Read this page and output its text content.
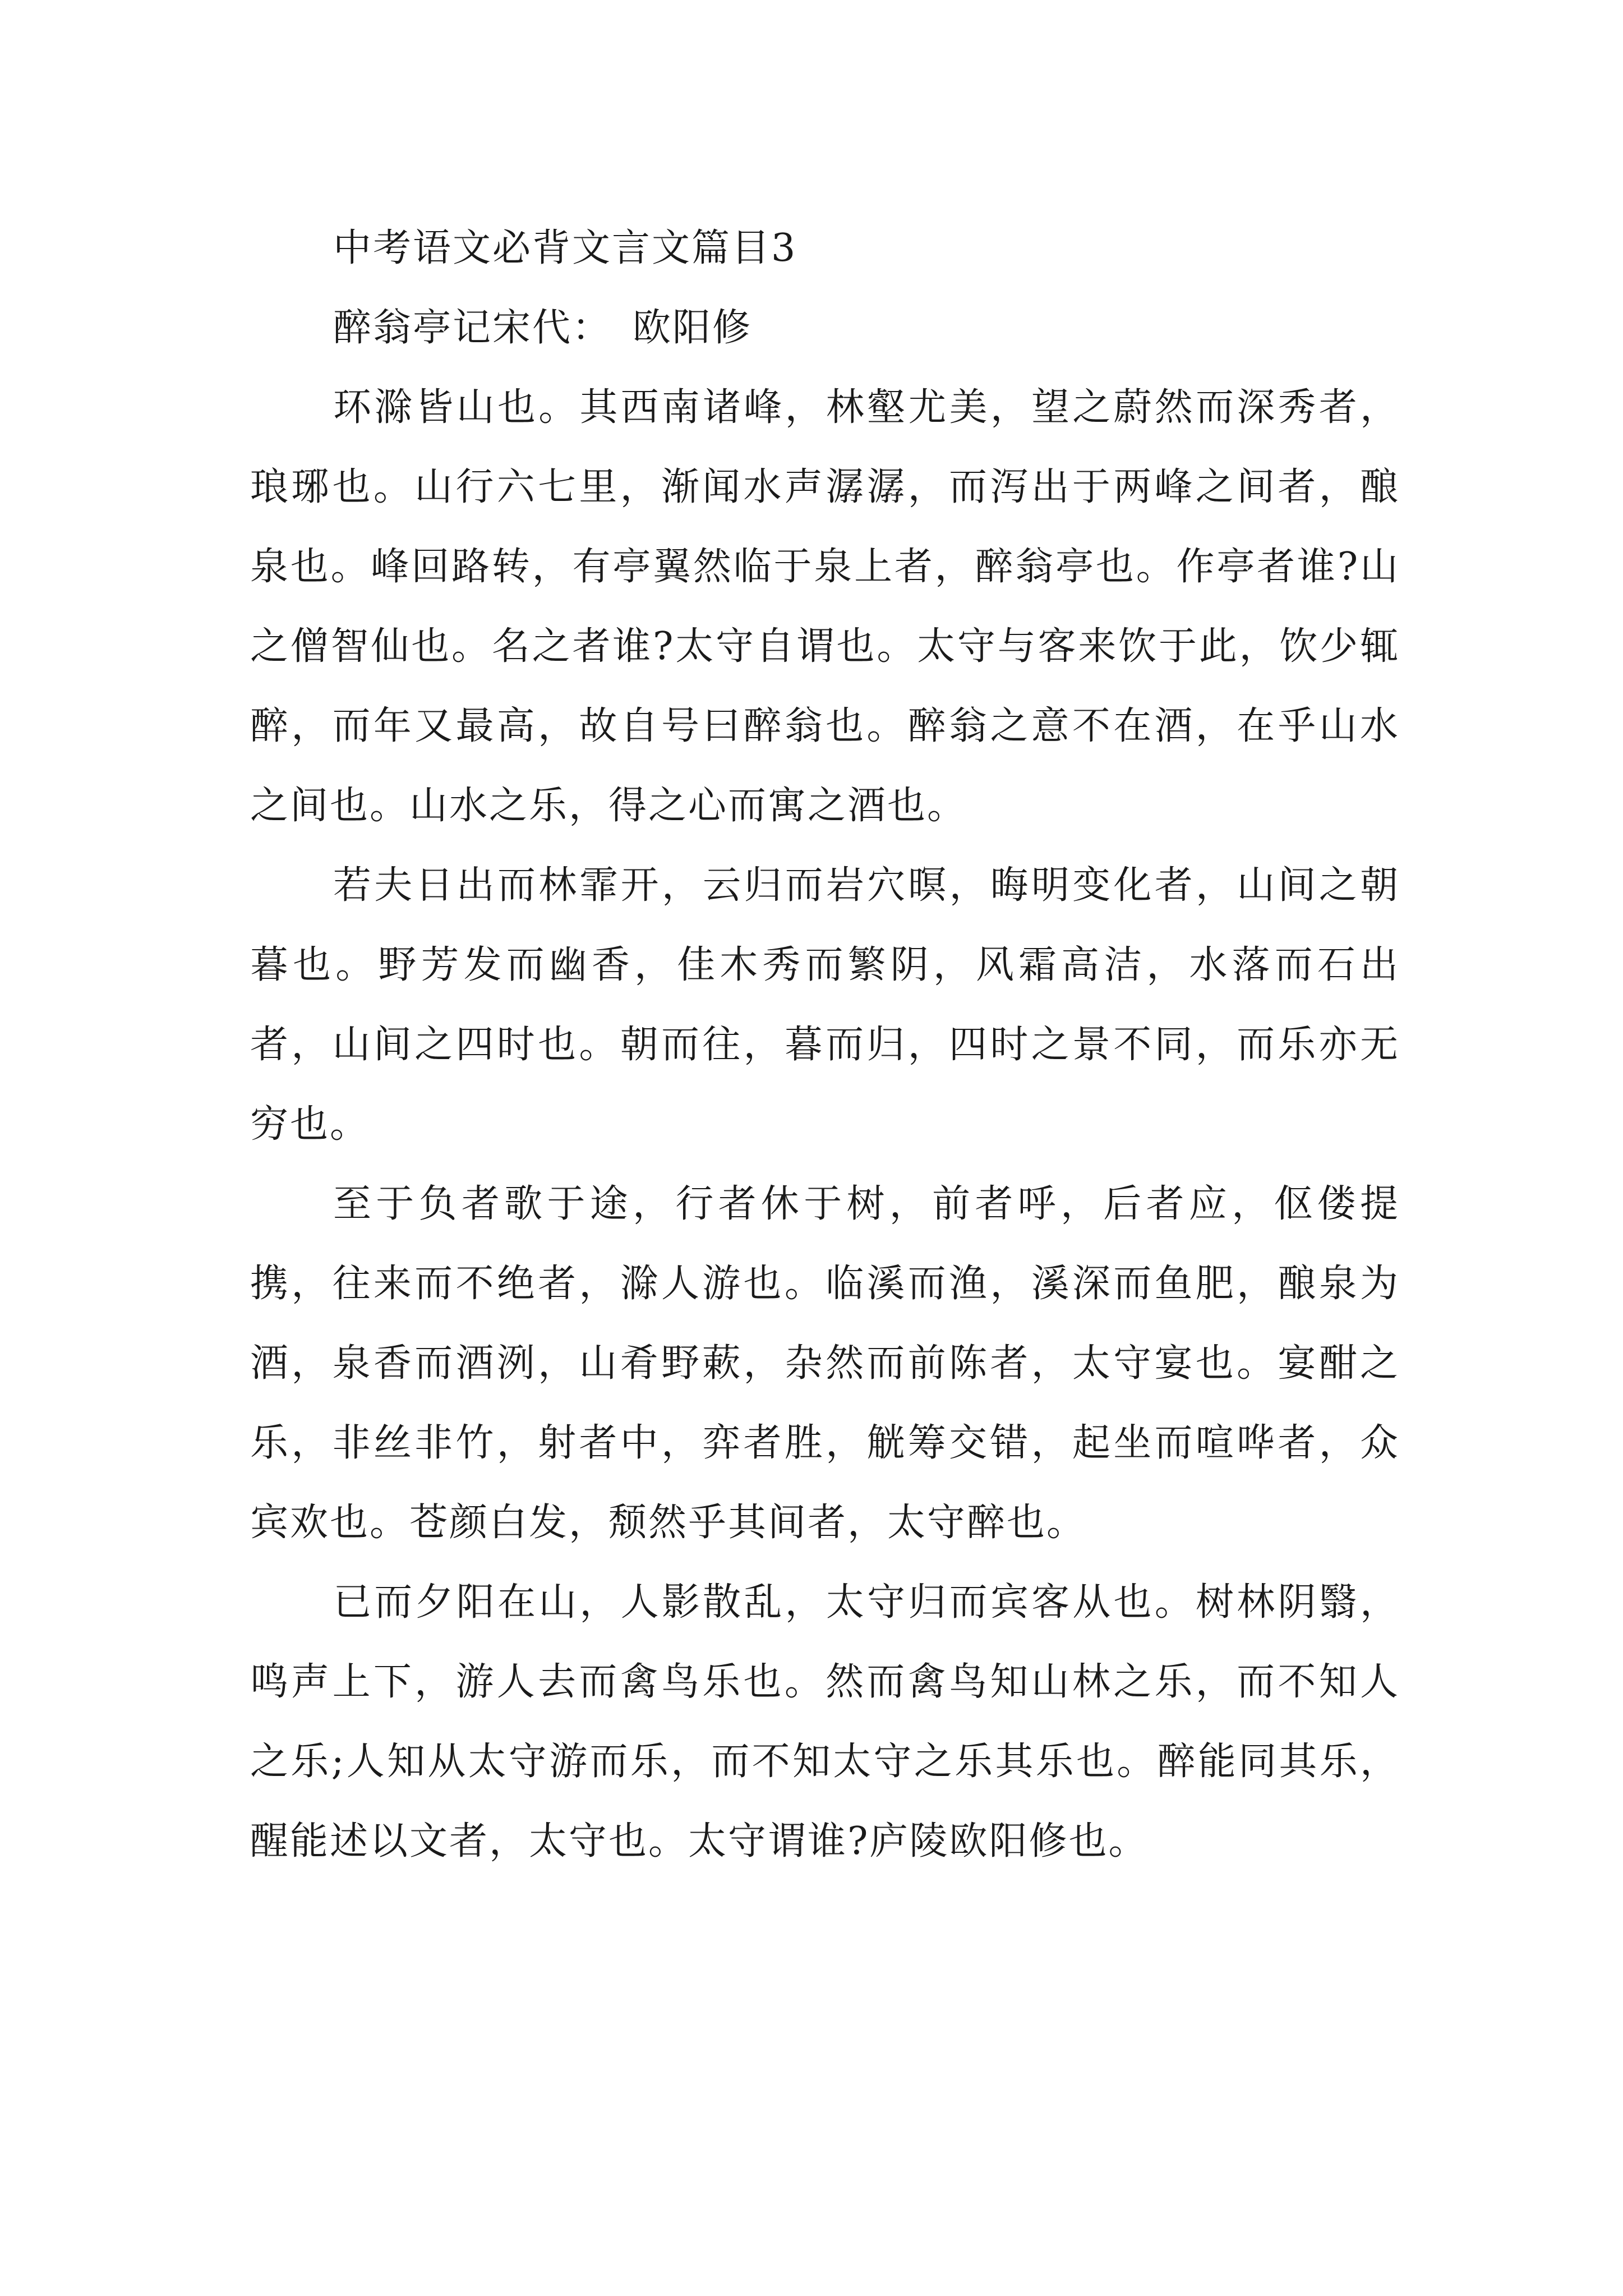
中考语文必背文言文篇目3

醉翁亭记宋代：　欧阳修

环滁皆山也。其西南诸峰，林壑尤美，望之蔚然而深秀者，琅琊也。山行六七里，渐闻水声潺潺，而泻出于两峰之间者，酿泉也。峰回路转，有亭翼然临于泉上者，醉翁亭也。作亭者谁?山之僧智仙也。名之者谁?太守自谓也。太守与客来饮于此，饮少辄醉，而年又最高，故自号曰醉翁也。醉翁之意不在酒，在乎山水之间也。山水之乐，得之心而寓之酒也。

若夫日出而林霏开，云归而岩穴暝，晦明变化者，山间之朝暮也。野芳发而幽香，佳木秀而繁阴，风霜高洁，水落而石出者，山间之四时也。朝而往，暮而归，四时之景不同，而乐亦无穷也。

至于负者歌于途，行者休于树，前者呼，后者应，伛偻提携，往来而不绝者，滁人游也。临溪而渔，溪深而鱼肥，酿泉为酒，泉香而酒洌，山肴野蔌，杂然而前陈者，太守宴也。宴酣之乐，非丝非竹，射者中，弈者胜，觥筹交错，起坐而喧哗者，众宾欢也。苍颜白发，颓然乎其间者，太守醉也。

已而夕阳在山，人影散乱，太守归而宾客从也。树林阴翳，鸣声上下，游人去而禽鸟乐也。然而禽鸟知山林之乐，而不知人之乐;人知从太守游而乐，而不知太守之乐其乐也。醉能同其乐，醒能述以文者，太守也。太守谓谁?庐陵欧阳修也。
